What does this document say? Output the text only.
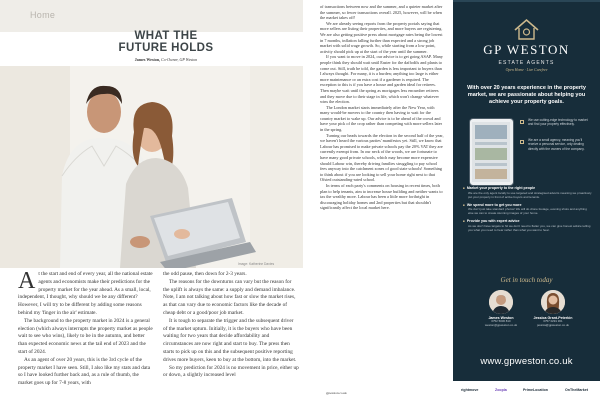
Home
WHAT THE
FUTURE HOLDS
James Weston, Co-Owner, GP Weston
Image: Katherine Davies

At the start and end of every year, all the national estate agents and economists make their predictions for the property market for the year ahead. As a small, local, independent, I thought, why should we be any different? However, I will try to be different by adding some reasons behind my 'finger in the air' estimate.

The background to the property market in 2024 is a general election (which always interrupts the property market as people wait to see who wins), likely to be in the autumn, and better than expected economic news at the tail end of 2023 and the start of 2024.

As an agent of over 20 years, this is the 3rd cycle of the property market I have seen. Still, I also like my stats and data so I have looked further back and, as a rule of thumb, the market goes up for 7-8 years, with

the odd pause, then down for 2-3 years.

The reasons for the downturns can vary but the reason for the uplift is always the same: a supply and demand imbalance. Note, I am not talking about how fast or slow the market rises, as that can vary due to economic factors like the decade of cheap debt or a good/poor job market.

It is tough to separate the trigger and the subsequent driver of the market upturn. Initially, it is the buyers who have been waiting for two years that decide affordability and circumstances are now right and start to buy. The press then starts to pick up on this and the subsequent positive reporting drives more buyers, keen to buy at the bottom, into the market.

So my prediction for 2024 is no movement in price, either up or down, a slightly increased level

of transactions between now and the summer, and a quieter market after the summer, so fewer transactions overall. 2025, however, will be when the market takes off!

We are already seeing reports from the property portals saying that more sellers are listing their properties, and more buyers are registering. We are also getting positive press about mortgage rates being the lowest in 7 months, inflation falling further than expected and a strong job market with solid wage growth. So, while starting from a low point, activity should pick up at the start of the year until the summer.

If you want to move in 2024, our advice is to get going ASAP. Many people think they should wait until Easter for the daffodils and plants to come out. Still, truth be told, the garden is less important to buyers than I always thought. For many, it is a burden; anything too large is either more maintenance or an extra cost if a gardener is required. The exception to this is if you have a house and garden ideal for retirees. Then maybe wait until the spring as mortgages less encumber retirees and they move due to their stage in life, which won't change whatever wins the election.

The London market starts immediately after the New Year, with many would-be movers to the country then having to wait for the country market to wake up. Our advice is to be ahead of the crowd and have your pick of the crop rather than competing with more sellers later in the spring.

Turning our heads towards the election in the second half of the year, we haven't heard the various parties' manifestos yet. Still, we know that Labour has promised to make private schools pay the 20% VAT they are currently exempt from. In our neck of the woods, we are fortunate to have many good private schools, which may become more expensive should Labour win, thereby driving families struggling to pay school fees anyway into the catchment zones of good state schools! Something to think about if you are looking to sell your home right next to that Ofsted outstanding-rated school.

In terms of each party's comments on housing in recent times, both plan to help tenants, aim to increase house building and neither wants to tax the wealthy more. Labour has been a little more forthright in discouraging holiday homes and 2nd properties but that shouldn't significantly affect the local market here.

gpweston.co.uk
GP WESTON
ESTATE AGENTS
Open Home · Live Carefree
With over 20 years experience in the property market, we are passionate about helping you achieve your property goals.
We use cutting-edge technology to market and find your property effectively.
We are a small agency, meaning you'll receive a personal service, only dealing directly with the owners of the company.
■ Market your property to the right people
We are the only agent locally to use targeted and strategised adverts meaning we proactively put your property in front of active buyers and tenants.
■ We spend more to get you more
We don't just take standard photos! We will do drone footage, evening shots and anything else we can to create stunning images of your home.
■ Provide you with expert advice
As we don't have targets to hit we don't need to flatter you, we can give honest advice telling you what you need to hear rather than what you want to hear.
Get in touch today
James Weston
0752 5006 810
weston@gpweston.co.uk
Jessica Grant-Peterkin
0757 0291 361
jessica@gpweston.co.uk
www.gpweston.co.uk
rightmove	Zoopla	PrimeLocation	OnTheMarket
